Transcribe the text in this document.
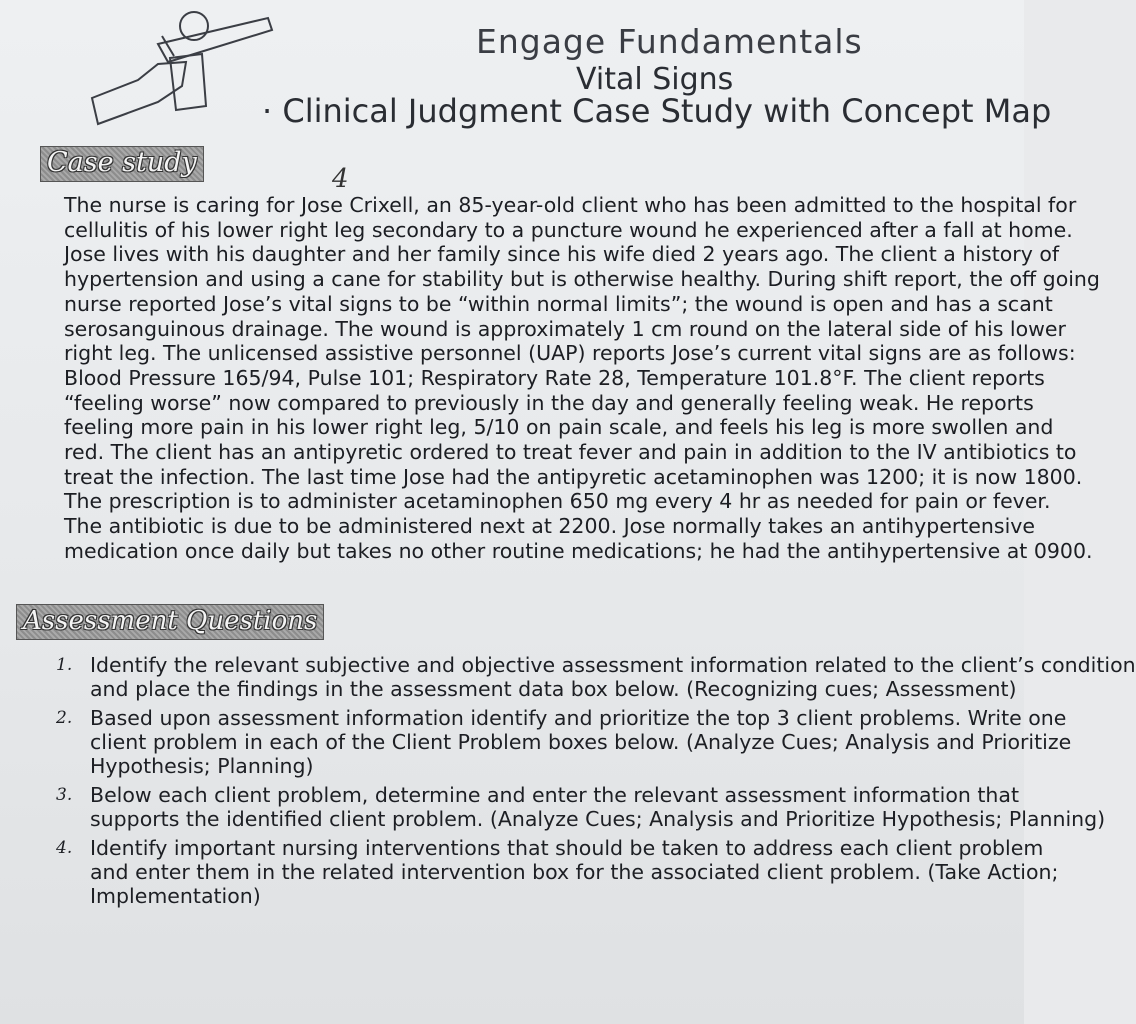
Engage Fundamentals
Vital Signs
· Clinical Judgment Case Study with Concept Map
Case study
4

The nurse is caring for Jose Crixell, an 85-year-old client who has been admitted to the hospital for

cellulitis of his lower right leg secondary to a puncture wound he experienced after a fall at home.

Jose lives with his daughter and her family since his wife died 2 years ago. The client a history of

hypertension and using a cane for stability but is otherwise healthy. During shift report, the off going

nurse reported Jose’s vital signs to be “within normal limits”; the wound is open and has a scant

serosanguinous drainage. The wound is approximately 1 cm round on the lateral side of his lower

right leg. The unlicensed assistive personnel (UAP) reports Jose’s current vital signs are as follows:

Blood Pressure 165/94, Pulse 101; Respiratory Rate 28, Temperature 101.8°F. The client reports

“feeling worse” now compared to previously in the day and generally feeling weak. He reports

feeling more pain in his lower right leg, 5/10 on pain scale, and feels his leg is more swollen and

red. The client has an antipyretic ordered to treat fever and pain in addition to the IV antibiotics to

treat the infection. The last time Jose had the antipyretic acetaminophen was 1200; it is now 1800.

The prescription is to administer acetaminophen 650 mg every 4 hr as needed for pain or fever.

The antibiotic is due to be administered next at 2200. Jose normally takes an antihypertensive

medication once daily but takes no other routine medications; he had the antihypertensive at 0900.

Assessment Questions
1. Identify the relevant subjective and objective assessment information related to the client’s condition
and place the findings in the assessment data box below. (Recognizing cues; Assessment)
2. Based upon assessment information identify and prioritize the top 3 client problems. Write one
client problem in each of the Client Problem boxes below. (Analyze Cues; Analysis and Prioritize
Hypothesis; Planning)
3. Below each client problem, determine and enter the relevant assessment information that
supports the identified client problem. (Analyze Cues; Analysis and Prioritize Hypothesis; Planning)
4. Identify important nursing interventions that should be taken to address each client problem
and enter them in the related intervention box for the associated client problem. (Take Action;
Implementation)
